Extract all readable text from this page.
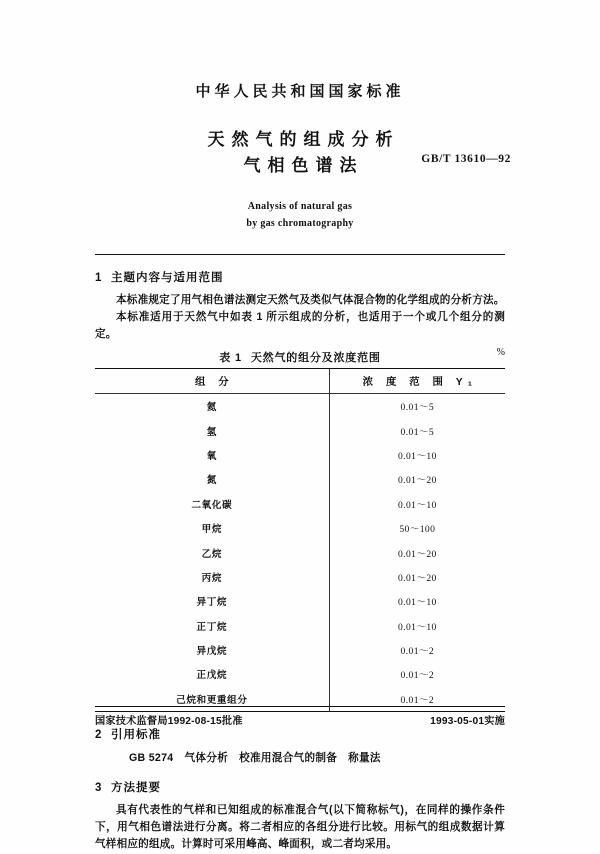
中华人民共和国国家标准
天然气的组成分析
气相色谱法	GB/T 13610—92
Analysis of natural gas
by gas chromatography
1 主题内容与适用范围

本标准规定了用气相色谱法测定天然气及类似气体混合物的化学组成的分析方法。

本标准适用于天然气中如表 1 所示组成的分析，也适用于一个或几个组分的测定。

表 1 天然气的组分及浓度范围	%
组 分	浓 度 范 围 Y₁
氦	0.01～5
氢	0.01～5
氧	0.01～10
氮	0.01～20
二氧化碳	0.01～10
甲烷	50～100
乙烷	0.01～20
丙烷	0.01～20
异丁烷	0.01～10
正丁烷	0.01～10
异戊烷	0.01～2
正戊烷	0.01～2
己烷和更重组分	0.01～2
2 引用标准
GB 5274 气体分析 校准用混合气的制备 称量法
3 方法提要

具有代表性的气样和已知组成的标准混合气(以下简称标气)，在同样的操作条件下，用气相色谱法进行分离。将二者相应的各组分进行比较。用标气的组成数据计算气样相应的组成。计算时可采用峰高、峰面积，或二者均采用。

国家技术监督局1992-08-15批准	1993-05-01实施
